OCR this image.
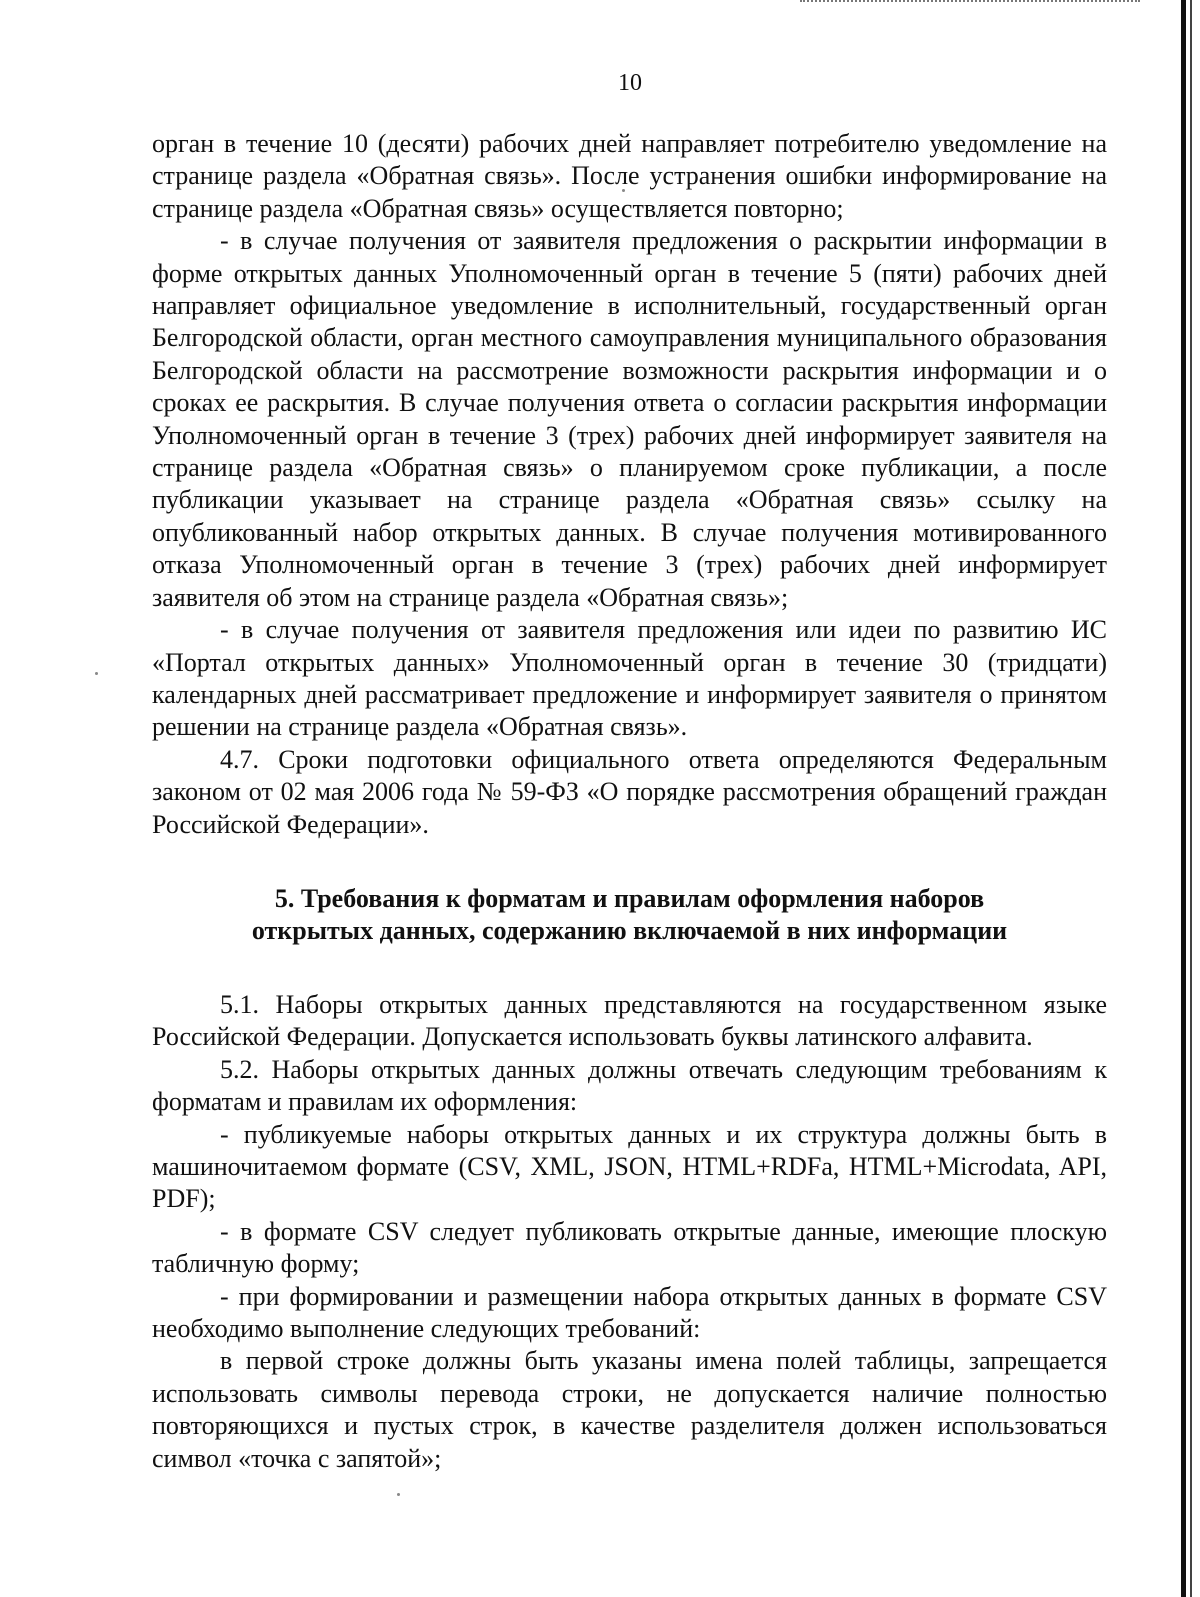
10

орган в течение 10 (десяти) рабочих дней направляет потребителю уведомление на странице раздела «Обратная связь». После устранения ошибки информирование на странице раздела «Обратная связь» осуществляется повторно;

- в случае получения от заявителя предложения о раскрытии информации в форме открытых данных Уполномоченный орган в течение 5 (пяти) рабочих дней направляет официальное уведомление в исполнительный, государственный орган Белгородской области, орган местного самоуправления муниципального образования Белгородской области на рассмотрение возможности раскрытия информации и о сроках ее раскрытия. В случае получения ответа о согласии раскрытия информации Уполномоченный орган в течение 3 (трех) рабочих дней информирует заявителя на странице раздела «Обратная связь» о планируемом сроке публикации, а после публикации указывает на странице раздела «Обратная связь» ссылку на опубликованный набор открытых данных. В случае получения мотивированного отказа Уполномоченный орган в течение 3 (трех) рабочих дней информирует заявителя об этом на странице раздела «Обратная связь»;

- в случае получения от заявителя предложения или идеи по развитию ИС «Портал открытых данных» Уполномоченный орган в течение 30 (тридцати) календарных дней рассматривает предложение и информирует заявителя о принятом решении на странице раздела «Обратная связь».

4.7. Сроки подготовки официального ответа определяются Федеральным законом от 02 мая 2006 года № 59-ФЗ «О порядке рассмотрения обращений граждан Российской Федерации».

5. Требования к форматам и правилам оформления наборов
открытых данных, содержанию включаемой в них информации

5.1. Наборы открытых данных представляются на государственном языке Российской Федерации. Допускается использовать буквы латинского алфавита.

5.2. Наборы открытых данных должны отвечать следующим требованиям к форматам и правилам их оформления:

- публикуемые наборы открытых данных и их структура должны быть в машиночитаемом формате (CSV, XML, JSON, HTML+RDFa, HTML+Microdata, API, PDF);

- в формате CSV следует публиковать открытые данные, имеющие плоскую табличную форму;

- при формировании и размещении набора открытых данных в формате CSV необходимо выполнение следующих требований:

в первой строке должны быть указаны имена полей таблицы, запрещается использовать символы перевода строки, не допускается наличие полностью повторяющихся и пустых строк, в качестве разделителя должен использоваться символ «точка с запятой»;
